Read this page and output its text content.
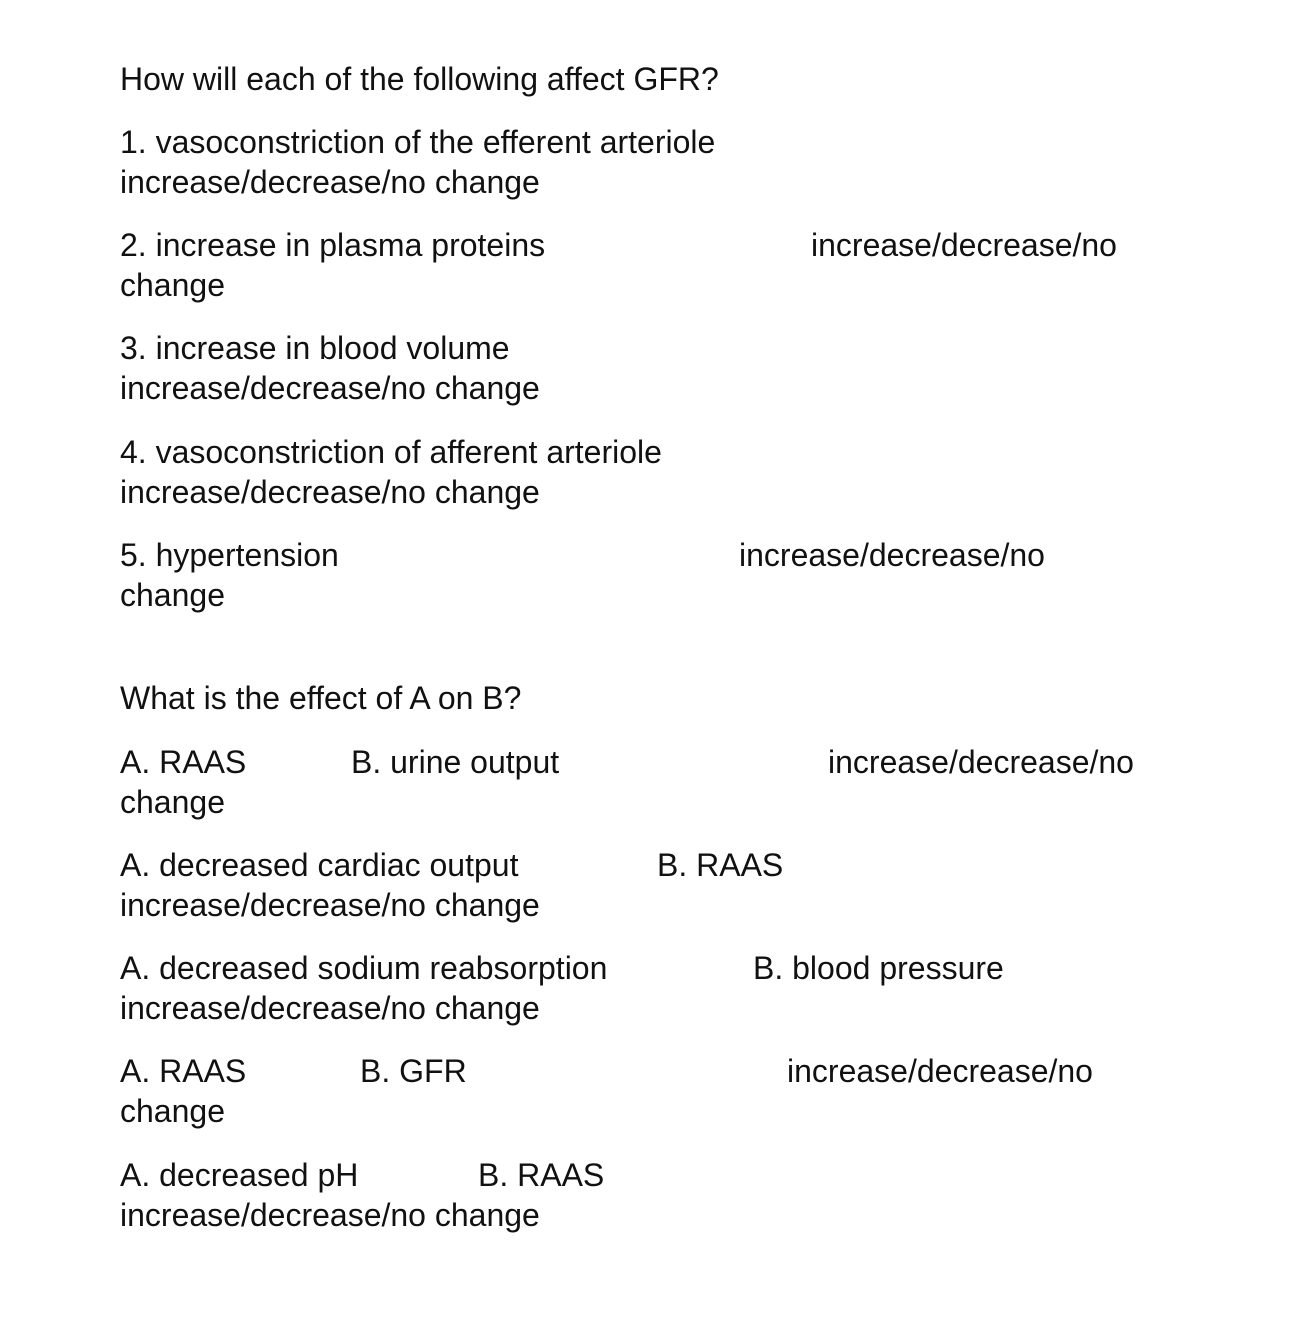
How will each of the following affect GFR?
1. vasoconstriction of the efferent arteriole
increase/decrease/no change
2. increase in plasma proteins	increase/decrease/no
change
3. increase in blood volume
increase/decrease/no change
4. vasoconstriction of afferent arteriole
increase/decrease/no change
5. hypertension	increase/decrease/no
change
What is the effect of A on B?
A. RAAS	B. urine output	increase/decrease/no
change
A. decreased cardiac output	B. RAAS
increase/decrease/no change
A. decreased sodium reabsorption	B. blood pressure
increase/decrease/no change
A. RAAS	B. GFR	increase/decrease/no
change
A. decreased pH	B. RAAS
increase/decrease/no change
